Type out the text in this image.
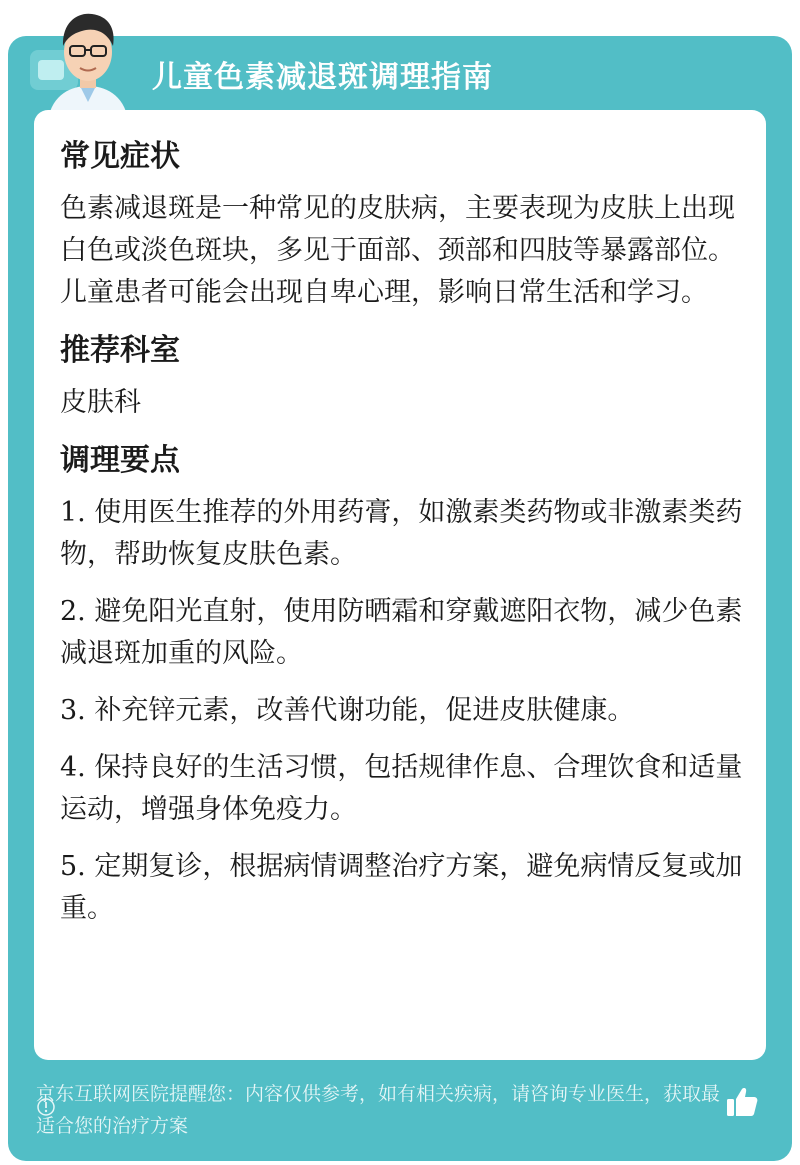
儿童色素减退斑调理指南
常见症状

色素减退斑是一种常见的皮肤病，主要表现为皮肤上出现白色或淡色斑块，多见于面部、颈部和四肢等暴露部位。儿童患者可能会出现自卑心理，影响日常生活和学习。

推荐科室

皮肤科

调理要点

1. 使用医生推荐的外用药膏，如激素类药物或非激素类药物，帮助恢复皮肤色素。

2. 避免阳光直射，使用防晒霜和穿戴遮阳衣物，减少色素减退斑加重的风险。

3. 补充锌元素，改善代谢功能，促进皮肤健康。

4. 保持良好的生活习惯，包括规律作息、合理饮食和适量运动，增强身体免疫力。

5. 定期复诊，根据病情调整治疗方案，避免病情反复或加重。

京东互联网医院提醒您：内容仅供参考，如有相关疾病，请咨询专业医生，获取最适合您的治疗方案
